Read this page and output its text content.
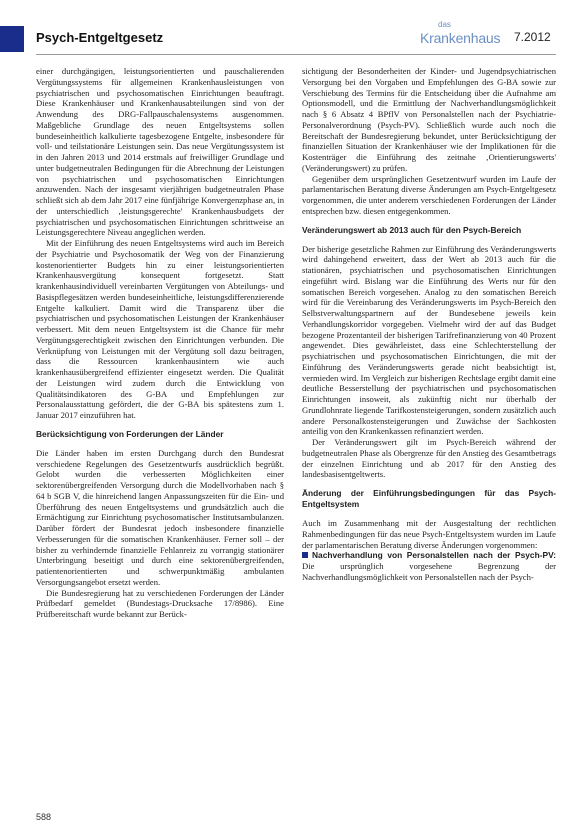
Psych-Entgeltgesetz
das
Krankenhaus 7.2012

einer durchgängigen, leistungsorientierten und pauschalierenden Vergütungssystems für allgemeinen Krankenhausleistungen von psychiatrischen und psychosomatischen Einrichtungen beauftragt. Diese Krankenhäuser und Krankenhausabteilungen sind von der Anwendung des DRG-Fallpauschalensystems ausgenommen. Maßgebliche Grundlage des neuen Entgeltsystems sollen bundeseinheitlich kalkulierte tagesbezogene Entgelte, insbesondere für voll- und teilstationäre Leistungen sein. Das neue Vergütungssystem ist in den Jahren 2013 und 2014 erstmals auf freiwilliger Grundlage und unter budgetneutralen Bedingungen für die Abrechnung der Leistungen von psychiatrischen und psychosomatischen Einrichtungen anzuwenden. Nach der insgesamt vierjährigen budgetneutralen Phase schließt sich ab dem Jahr 2017 eine fünfjährige Konvergenzphase an, in der unterschiedlich ‚leistungsgerechte' Krankenhausbudgets der psychiatrischen und psychosomatischen Einrichtungen schrittweise an Leistungsgerechtere Niveau angeglichen werden.

Mit der Einführung des neuen Entgeltsystems wird auch im Bereich der Psychiatrie und Psychosomatik der Weg von der Finanzierung kostenorientierter Budgets hin zu einer leistungsorientierten Krankenhausvergütung konsequent fortgesetzt. Statt krankenhausindividuell vereinbarten Vergütungen von Abteilungs- und Basispflegesätzen werden bundeseinheitliche, leistungsdifferenzierende Entgelte kalkuliert. Damit wird die Transparenz über die psychiatrischen und psychosomatischen Leistungen der Krankenhäuser verbessert. Mit dem neuen Entgeltsystem ist die Chance für mehr Vergütungsgerechtigkeit zwischen den Einrichtungen verbunden. Die Verknüpfung von Leistungen mit der Vergütung soll dazu beitragen, dass die Ressourcen krankenhausintern wie auch krankenhausübergreifend effizienter eingesetzt werden. Die Qualität der Leistungen wird zudem durch die Entwicklung von Qualitätsindikatoren des G-BA und Empfehlungen zur Personalausstattung gefördert, die der G-BA bis spätestens zum 1. Januar 2017 einzuführen hat.

Berücksichtigung von Forderungen der Länder

Die Länder haben im ersten Durchgang durch den Bundesrat verschiedene Regelungen des Gesetzentwurfs ausdrücklich begrüßt. Gelobt wurden die verbesserten Möglichkeiten einer sektorenübergreifenden Versorgung durch die Modellvorhaben nach § 64 b SGB V, die hinreichend langen Anpassungszeiten für die Ein- und Überführung des neuen Entgeltsystems und grundsätzlich auch die Ermächtigung zur Einrichtung psychosomatischer Institutsambulanzen. Darüber fördert der Bundesrat jedoch insbesondere finanzielle Verbesserungen für die somatischen Krankenhäuser. Ferner soll – der bisher zu verhindernde finanzielle Fehlanreiz zu vorrangig stationärer Unterbringung beseitigt und durch eine sektorenübergreifenden, patientenorientierten und schwerpunktmäßig ambulanten Versorgungsangebot ersetzt werden.

Die Bundesregierung hat zu verschiedenen Forderungen der Länder Prüfbedarf gemeldet (Bundestags-Drucksache 17/8986). Eine Prüfbereitschaft wurde bekannt zur Berück-

sichtigung der Besonderheiten der Kinder- und Jugendpsychiatrischen Versorgung bei den Vorgaben und Empfehlungen des G-BA sowie zur Verschiebung des Termins für die Entscheidung über die Aufnahme am Optionsmodell, und die Ermittlung der Nachverhandlungsmöglichkeit nach § 6 Absatz 4 BPflV von Personalstellen nach der Psychiatrie-Personalverordnung (Psych-PV). Schließlich wurde auch noch die Bereitschaft der Bundesregierung bekundet, unter Berücksichtigung der finanziellen Situation der Krankenhäuser wie der Implikationen für die Kostenträger die Einführung des zeitnahe ‚Orientierungswerts' (Veränderungswert) zu prüfen.

Gegenüber dem ursprünglichen Gesetzentwurf wurden im Laufe der parlamentarischen Beratung diverse Änderungen am Psych-Entgeltgesetz vorgenommen, die unter anderem verschiedenen Forderungen der Länder entsprechen bzw. diesen entgegenkommen.

Veränderungswert ab 2013 auch für den Psych-Bereich

Der bisherige gesetzliche Rahmen zur Einführung des Veränderungswerts wird dahingehend erweitert, dass der Wert ab 2013 auch für die stationären, psychiatrischen und psychosomatischen Einrichtungen eingeführt wird. Bislang war die Einführung des Werts nur für den somatischen Bereich vorgesehen. Analog zu den somatischen Bereich wird für die Vereinbarung des Veränderungswerts im Psych-Bereich den Selbstverwaltungspartnern auf der Bundesebene jeweils kein Verhandlungskorridor vorgegeben. Vielmehr wird der auf das Budget bezogene Prozentanteil der bisherigen Tarifrefinanzierung von 40 Prozent angewendet. Dies gewährleistet, dass eine Schlechterstellung der psychiatrischen und psychosomatischen Einrichtungen, die mit der Einführung des Veränderungswerts gerade nicht beabsichtigt ist, vermieden wird. Im Vergleich zur bisherigen Rechtslage ergibt damit eine deutliche Besserstellung der psychiatrischen und psychosomatischen Einrichtungen insoweit, als zukünftig nicht nur überhalb der Grundlohnrate liegende Tarifkostensteigerungen, sondern zusätzlich auch andere Personalkostensteigerungen und Zuwächse der Sachkosten anteilig von den Krankenkassen refinanziert werden.

Der Veränderungswert gilt im Psych-Bereich während der budgetneutralen Phase als Obergrenze für den Anstieg des Gesamtbetrags der einzelnen Einrichtung und ab 2017 für den Anstieg des landesbasisentgeltwerts.

Änderung der Einführungsbedingungen für das Psych-Entgeltsystem

Auch im Zusammenhang mit der Ausgestaltung der rechtlichen Rahmenbedingungen für das neue Psych-Entgeltsystem wurden im Laufe der parlamentarischen Beratung diverse Änderungen vorgenommen:

Nachverhandlung von Personalstellen nach der Psych-PV: Die ursprünglich vorgesehene Begrenzung der Nachverhandlungsmöglichkeit von Personalstellen nach der Psych-

588
